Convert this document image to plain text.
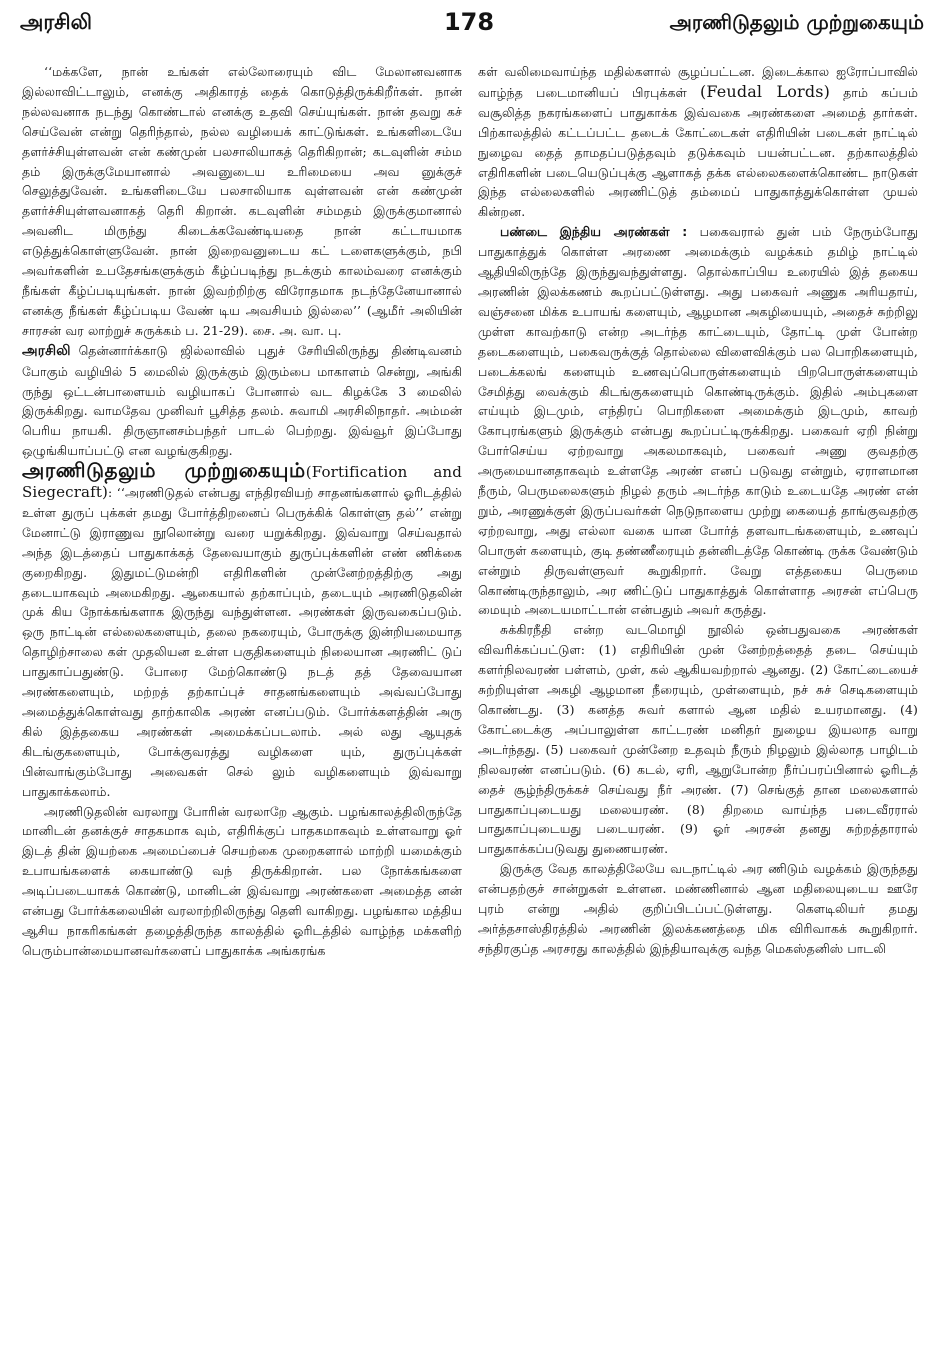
அரசிலி	178	அரணிடுதலும் முற்றுகையும்

‘‘மக்களே, நான் உங்கள் எல்லோரையும் விட மேலானவனாக இல்லாவிட்டாலும், எனக்கு அதிகாரத் தைக் கொடுத்திருக்கிறீர்கள். நான் நல்லவனாக நடந்து கொண்டால் எனக்கு உதவி செய்யுங்கள். நான் தவறு கச் செய்வேன் என்று தெரிந்தால், நல்ல வழியைக் காட்டுங்கள். உங்களிடையே தளர்ச்சியுள்ளவன் என் கண்முன் பலசாலியாகத் தெரிகிறான்; கடவுளின் சம்ம தம் இருக்குமேயானால் அவனுடைய உரிமையை அவ னுக்குச் செலுத்துவேன். உங்களிடையே பலசாலியாக வுள்ளவன் என் கண்முன் தளர்ச்சியுள்ளவனாகத் தெரி கிறான். கடவுளின் சம்மதம் இருக்குமானால் அவனிட மிருந்து கிடைக்கவேண்டியதை நான் கட்டாயமாக எடுத்துக்கொள்ளுவேன். நான் இறைவனுடைய கட் டளைகளுக்கும், நபி அவர்களின் உபதேசங்களுக்கும் கீழ்ப்படிந்து நடக்கும் காலம்வரை எனக்கும் நீங்கள் கீழ்ப்படியுங்கள். நான் இவற்றிற்கு விரோதமாக நடந்தேனேயானால் எனக்கு நீங்கள் கீழ்ப்படிய வேண் டிய அவசியம் இல்லை’’ (ஆமீர் அலியின் சாரசன் வர லாற்றுச் சுருக்கம் ப. 21-29). சை. அ. வா. பு.

அரசிலி தென்னார்க்காடு ஜில்லாவில் புதுச் சேரியிலிருந்து திண்டிவனம் போகும் வழியில் 5 மைலில் இருக்கும் இரும்பை மாகாளம் சென்று, அங்கி ருந்து ஒட்டன்பாளையம் வழியாகப் போனால் வட கிழக்கே 3 மைலில் இருக்கிறது. வாமதேவ முனிவர் பூசித்த தலம். சுவாமி அரசிலிநாதர். அம்மன் பெரிய நாயகி. திருஞானசம்பந்தர் பாடல் பெற்றது. இவ்வூர் இப்போது ஒழுங்கியாப்பட்டு என வழங்குகிறது.

அரணிடுதலும் முற்றுகையும்(Fortification and Siegecraft): ‘‘அரணிடுதல் என்பது எந்திரவியற் சாதனங்களால் ஓரிடத்தில் உள்ள துருப் புக்கள் தமது போர்த்திறனைப் பெருக்கிக் கொள்ளு தல்’’ என்று மேனாட்டு இராணுவ நூலொன்று வரை யறுக்கிறது. இவ்வாறு செய்வதால் அந்த இடத்தைப் பாதுகாக்கத் தேவையாகும் துருப்புக்களின் எண் ணிக்கை குறைகிறது. இதுமட்டுமன்றி எதிரிகளின் முன்னேற்றத்திற்கு அது தடையாகவும் அமைகிறது. ஆகையால் தற்காப்பும், தடையும் அரணிடுதலின் முக் கிய நோக்கங்களாக இருந்து வந்துள்ளன. அரண்கள் இருவகைப்படும். ஒரு நாட்டின் எல்லைகளையும், தலை நகரையும், போருக்கு இன்றியமையாத தொழிற்சாலை கள் முதலியன உள்ள பகுதிகளையும் நிலையான அரணிட் டுப் பாதுகாப்பதுண்டு. போரை மேற்கொண்டு நடத் தத் தேவையான அரண்களையும், மற்றத் தற்காப்புச் சாதனங்களையும் அவ்வப்போது அமைத்துக்கொள்வது தாற்காலிக அரண் எனப்படும். போர்க்களத்தின் அரு கில் இத்தகைய அரண்கள் அமைக்கப்படலாம். அல் லது ஆயுதக் கிடங்குகளையும், போக்குவரத்து வழிகளை யும், துருப்புக்கள் பின்வாங்கும்போது அவைகள் செல் லும் வழிகளையும் இவ்வாறு பாதுகாக்கலாம்.

அரணிடுதலின் வரலாறு போரின் வரலாறே ஆகும். பழங்காலத்திலிருந்தே மானிடன் தனக்குச் சாதகமாக வும், எதிரிக்குப் பாதகமாகவும் உள்ளவாறு ஓர் இடத் தின் இயற்கை அமைப்பைச் செயற்கை முறைகளால் மாற்றி யமைக்கும் உபாயங்களைக் கையாண்டு வந் திருக்கிறான். பல நோக்கங்களை அடிப்படையாகக் கொண்டு, மானிடன் இவ்வாறு அரண்களை அமைத்த னன் என்பது போர்க்கலையின் வரலாற்றிலிருந்து தெளி வாகிறது. பழங்கால மத்திய ஆசிய நாகரிகங்கள் தழைத்திருந்த காலத்தில் ஓரிடத்தில் வாழ்ந்த மக்களிற் பெரும்பான்மையானவர்களைப் பாதுகாக்க அங்கரங்க

கள் வலிமைவாய்ந்த மதில்களால் சூழப்பட்டன. இடைக்கால ஐரோப்பாவில் வாழ்ந்த படைமானியப் பிரபுக்கள் (Feudal Lords) தாம் கப்பம் வசூலித்த நகரங்களைப் பாதுகாக்க இவ்வகை அரண்களை அமைத் தார்கள். பிற்காலத்தில் கட்டப்பட்ட தடைக் கோட்டைகள் எதிரியின் படைகள் நாட்டில் நுழைவ தைத் தாமதப்படுத்தவும் தடுக்கவும் பயன்பட்டன. தற்காலத்தில் எதிரிகளின் படையெடுப்புக்கு ஆளாகத் தக்க எல்லைகளைக்கொண்ட நாடுகள் இந்த எல்லைகளில் அரணிட்டுத் தம்மைப் பாதுகாத்துக்கொள்ள முயல் கின்றன.

பண்டை இந்திய அரண்கள் : பகைவரால் துன் பம் நேரும்போது பாதுகாத்துக் கொள்ள அரணை அமைக்கும் வழக்கம் தமிழ் நாட்டில் ஆதியிலிருந்தே இருந்துவந்துள்ளது. தொல்காப்பிய உரையில் இத் தகைய அரணின் இலக்கணம் கூறப்பட்டுள்ளது. அது பகைவர் அணுக அரியதாய், வஞ்சனை மிக்க உபாயங் களையும், ஆழமான அகழியையும், அதைச் சுற்றிலு முள்ள காவற்காடு என்ற அடர்ந்த காட்டையும், தோட்டி முள் போன்ற தடைகளையும், பகைவருக்குத் தொல்லை விளைவிக்கும் பல பொறிகளையும், படைக்கலங் களையும் உணவுப்பொருள்களையும் பிறபொருள்களையும் சேமித்து வைக்கும் கிடங்குகளையும் கொண்டிருக்கும். இதில் அம்புகளை எய்யும் இடமும், எந்திரப் பொறிகளை அமைக்கும் இடமும், காவற் கோபுரங்களும் இருக்கும் என்பது கூறப்பட்டிருக்கிறது. பகைவர் ஏறி நின்று போர்செய்ய ஏற்றவாறு அகலமாகவும், பகைவர் அணு குவதற்கு அருமையானதாகவும் உள்ளதே அரண் எனப் படுவது என்றும், ஏராளமான நீரும், பெருமலைகளும் நிழல் தரும் அடர்ந்த காடும் உடையதே அரண் என் றும், அரணுக்குள் இருப்பவர்கள் நெடுநாளைய முற்று கையைத் தாங்குவதற்கு ஏற்றவாறு, அது எல்லா வகை யான போர்த் தளவாடங்களையும், உணவுப் பொருள் களையும், குடி தண்ணீரையும் தன்னிடத்தே கொண்டி ருக்க வேண்டும் என்றும் திருவள்ளுவர் கூறுகிறார். வேறு எத்தகைய பெருமை கொண்டிருந்தாலும், அர ணிட்டுப் பாதுகாத்துக் கொள்ளாத அரசன் எப்பெரு மையும் அடையமாட்டான் என்பதும் அவர் கருத்து.

சுக்கிரநீதி என்ற வடமொழி நூலில் ஒன்பதுவகை அரண்கள் விவரிக்கப்பட்டுள: (1) எதிரியின் முன் னேற்றத்தைத் தடை செய்யும் களர்நிலவரண் பள்ளம், முள், கல் ஆகியவற்றால் ஆனது. (2) கோட்டையைச் சுற்றியுள்ள அகழி ஆழமான நீரையும், முள்ளையும், நச் சுச் செடிகளையும் கொண்டது. (3) கனத்த சுவர் களால் ஆன மதில் உயரமானது. (4) கோட்டைக்கு அப்பாலுள்ள காட்டரண் மனிதர் நுழைய இயலாத வாறு அடர்ந்தது. (5) பகைவர் முன்னேற உதவும் நீரும் நிழலும் இல்லாத பாழிடம் நிலவரண் எனப்படும். (6) கடல், ஏரி, ஆறுபோன்ற நீர்ப்பரப்பினால் ஓரிடத் தைச் சூழ்ந்திருக்கச் செய்வது நீர் அரண். (7) செங்குத் தான மலைகளால் பாதுகாப்புடையது மலையரண். (8) திறமை வாய்ந்த படைவீரரால் பாதுகாப்புடையது படையரண். (9) ஓர் அரசன் தனது சுற்றத்தாரால் பாதுகாக்கப்படுவது துணையரண்.

இருக்கு வேத காலத்திலேயே வடநாட்டில் அர ணிடும் வழக்கம் இருந்தது என்பதற்குச் சான்றுகள் உள்ளன. மண்ணினால் ஆன மதிலையுடைய ஊரே புரம் என்று அதில் குறிப்பிடப்பட்டுள்ளது. கௌடிலியர் தமது அர்த்தசாஸ்திரத்தில் அரணின் இலக்கணத்தை மிக விரிவாகக் கூறுகிறார். சந்திரகுப்த அரசரது காலத்தில் இந்தியாவுக்கு வந்த மெகஸ்தனிஸ் பாடலி
